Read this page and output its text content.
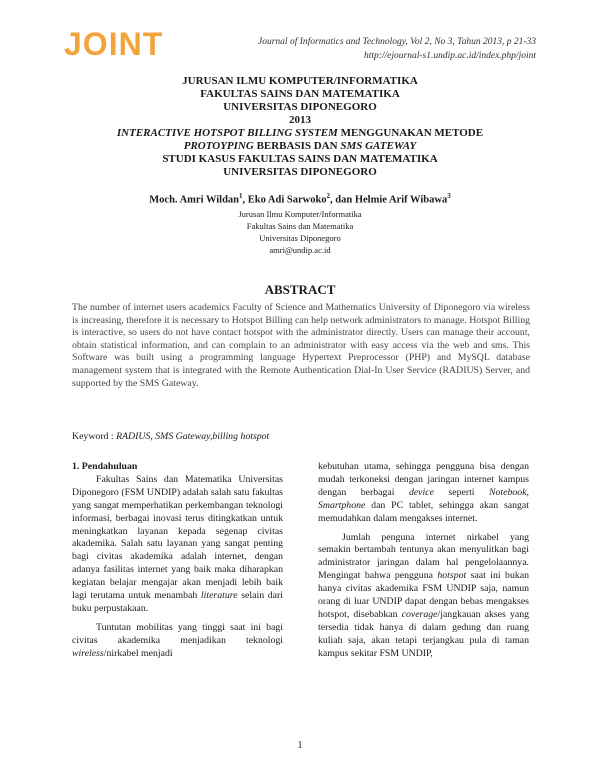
JOINT	Journal of Informatics and Technology, Vol 2, No 3, Tahun 2013, p 21-33
http://ejournal-s1.undip.ac.id/index.php/joint
JURUSAN ILMU KOMPUTER/INFORMATIKA
FAKULTAS SAINS DAN MATEMATIKA
UNIVERSITAS DIPONEGORO
2013
INTERACTIVE HOTSPOT BILLING SYSTEM MENGGUNAKAN METODE
PROTOYPING BERBASIS DAN SMS GATEWAY
STUDI KASUS FAKULTAS SAINS DAN MATEMATIKA
UNIVERSITAS DIPONEGORO
Moch. Amri Wildan$^1$, Eko Adi Sarwoko$^2$, dan Helmie Arif Wibawa$^3$
Jurusan Ilmu Komputer/Informatika
Fakultas Sains dan Matematika
Universitas Diponegoro
amri@undip.ac.id
ABSTRACT

The number of internet users academics Faculty of Science and Mathematics University of Diponegoro via wireless is increasing, therefore it is necessary to Hotspot Billing can help network administrators to manage. Hotspot Billing is interactive, so users do not have contact hotspot with the administrator directly. Users can manage their account, obtain statistical information, and can complain to an administrator with easy access via the web and sms. This Software was built using a programming language Hypertext Preprocessor (PHP) and MySQL database management system that is integrated with the Remote Authentication Dial-In User Service (RADIUS) Server, and supported by the SMS Gateway.

Keyword : RADIUS, SMS Gateway,billing hotspot

1. Pendahuluan

Fakultas Sains dan Matematika Universitas Diponegoro (FSM UNDIP) adalah salah satu fakultas yang sangat memperhatikan perkembangan teknologi informasi, berbagai inovasi terus ditingkatkan untuk meningkatkan layanan kepada segenap civitas akademika. Salah satu layanan yang sangat penting bagi civitas akademika adalah internet, dengan adanya fasilitas internet yang baik maka diharapkan kegiatan belajar mengajar akan menjadi lebih baik lagi terutama untuk menambah literature selain dari buku perpustakaan.

Tuntutan mobilitas yang tinggi saat ini bagi civitas akademika menjadikan teknologi wireless/nirkabel menjadi

kebutuhan utama, sehingga pengguna bisa dengan mudah terkoneksi dengan jaringan internet kampus dengan berbagai device seperti Notebook, Smartphone dan PC tablet, sehingga akan sangat memudahkan dalam mengakses internet.

Jumlah penguna internet nirkabel yang semakin bertambah tentunya akan menyulitkan bagi administrator jaringan dalam hal pengelolaannya. Mengingat bahwa pengguna hotspot saat ini bukan hanya civitas akademika FSM UNDIP saja, namun orang di luar UNDIP dapat dengan bebas mengakses hotspot, disebabkan coverage/jangkauan akses yang tersedia tidak hanya di dalam gedung dan ruang kuliah saja, akan tetapi terjangkau pula di taman kampus sekitar FSM UNDIP,

1
